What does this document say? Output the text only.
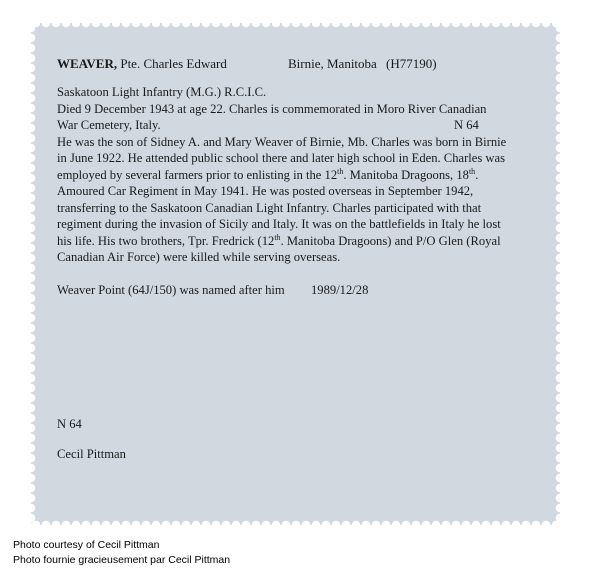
WEAVER, Pte. Charles Edward	Birnie, Manitoba (H77190)
Saskatoon Light Infantry (M.G.) R.C.I.C.
Died 9 December 1943 at age 22. Charles is commemorated in Moro River Canadian
War Cemetery, Italy.	N 64
He was the son of Sidney A. and Mary Weaver of Birnie, Mb. Charles was born in Birnie
in June 1922. He attended public school there and later high school in Eden. Charles was
employed by several farmers prior to enlisting in the 12th. Manitoba Dragoons, 18th.
Amoured Car Regiment in May 1941. He was posted overseas in September 1942,
transferring to the Saskatoon Canadian Light Infantry. Charles participated with that
regiment during the invasion of Sicily and Italy. It was on the battlefields in Italy he lost
his life. His two brothers, Tpr. Fredrick (12th. Manitoba Dragoons) and P/O Glen (Royal
Canadian Air Force) were killed while serving overseas.
Weaver Point (64J/150) was named after him 1989/12/28
N 64
Cecil Pittman
Photo courtesy of Cecil Pittman
Photo fournie gracieusement par Cecil Pittman
